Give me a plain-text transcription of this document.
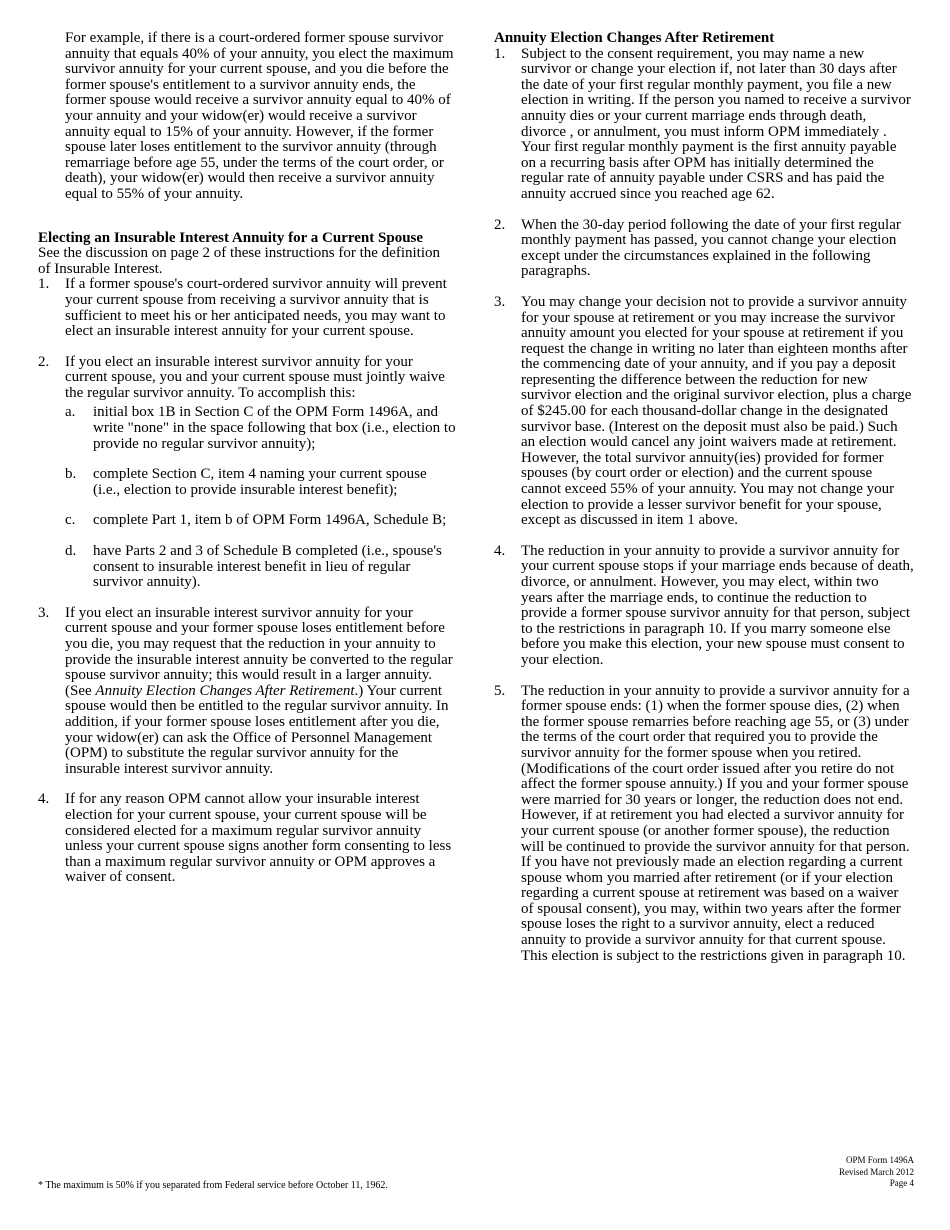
For example, if there is a court-ordered former spouse survivor annuity that equals 40% of your annuity, you elect the maximum survivor annuity for your current spouse, and you die before the former spouse's entitlement to a survivor annuity ends, the former spouse would receive a survivor annuity equal to 40% of your annuity and your widow(er) would receive a survivor annuity equal to 15% of your annuity. However, if the former spouse later loses entitlement to the survivor annuity (through remarriage before age 55, under the terms of the court order, or death), your widow(er) would then receive a survivor annuity equal to 55% of your annuity.

Electing an Insurable Interest Annuity for a Current Spouse

See the discussion on page 2 of these instructions for the definition of Insurable Interest.

1.	If a former spouse's court-ordered survivor annuity will prevent your current spouse from receiving a survivor annuity that is sufficient to meet his or her anticipated needs, you may want to elect an insurable interest annuity for your current spouse.
2.	If you elect an insurable interest survivor annuity for your current spouse, you and your current spouse must jointly waive the regular survivor annuity. To accomplish this:
a.	initial box 1B in Section C of the OPM Form 1496A, and write "none" in the space following that box (i.e., election to provide no regular survivor annuity);
b.	complete Section C, item 4 naming your current spouse (i.e., election to provide insurable interest benefit);
c.	complete Part 1, item b of OPM Form 1496A, Schedule B;
d.	have Parts 2 and 3 of Schedule B completed (i.e., spouse's consent to insurable interest benefit in lieu of regular survivor annuity).
3.	If you elect an insurable interest survivor annuity for your current spouse and your former spouse loses entitlement before you die, you may request that the reduction in your annuity to provide the insurable interest annuity be converted to the regular spouse survivor annuity; this would result in a larger annuity. (See Annuity Election Changes After Retirement.) Your current spouse would then be entitled to the regular survivor annuity. In addition, if your former spouse loses entitlement after you die, your widow(er) can ask the Office of Personnel Management (OPM) to substitute the regular survivor annuity for the insurable interest survivor annuity.
4.	If for any reason OPM cannot allow your insurable interest election for your current spouse, your current spouse will be considered elected for a maximum regular survivor annuity unless your current spouse signs another form consenting to less than a maximum regular survivor annuity or OPM approves a waiver of consent.

Annuity Election Changes After Retirement

1.	Subject to the consent requirement, you may name a new survivor or change your election if, not later than 30 days after the date of your first regular monthly payment, you file a new election in writing. If the person you named to receive a survivor annuity dies or your current marriage ends through death, divorce , or annulment, you must inform OPM immediately . Your first regular monthly payment is the first annuity payable on a recurring basis after OPM has initially determined the regular rate of annuity payable under CSRS and has paid the annuity accrued since you reached age 62.
2.	When the 30-day period following the date of your first regular monthly payment has passed, you cannot change your election except under the circumstances explained in the following paragraphs.
3.	You may change your decision not to provide a survivor annuity for your spouse at retirement or you may increase the survivor annuity amount you elected for your spouse at retirement if you request the change in writing no later than eighteen months after the commencing date of your annuity, and if you pay a deposit representing the difference between the reduction for new survivor election and the original survivor election, plus a charge of $245.00 for each thousand-dollar change in the designated survivor base. (Interest on the deposit must also be paid.) Such an election would cancel any joint waivers made at retirement. However, the total survivor annuity(ies) provided for former spouses (by court order or election) and the current spouse cannot exceed 55% of your annuity. You may not change your election to provide a lesser survivor benefit for your spouse, except as discussed in item 1 above.
4.	The reduction in your annuity to provide a survivor annuity for your current spouse stops if your marriage ends because of death, divorce, or annulment. However, you may elect, within two years after the marriage ends, to continue the reduction to provide a former spouse survivor annuity for that person, subject to the restrictions in paragraph 10. If you marry someone else before you make this election, your new spouse must consent to your election.
5.	The reduction in your annuity to provide a survivor annuity for a former spouse ends: (1) when the former spouse dies, (2) when the former spouse remarries before reaching age 55, or (3) under the terms of the court order that required you to provide the survivor annuity for the former spouse when you retired. (Modifications of the court order issued after you retire do not affect the former spouse annuity.) If you and your former spouse were married for 30 years or longer, the reduction does not end. However, if at retirement you had elected a survivor annuity for your current spouse (or another former spouse), the reduction will be continued to provide the survivor annuity for that person. If you have not previously made an election regarding a current spouse whom you married after retirement (or if your election regarding a current spouse at retirement was based on a waiver of spousal consent), you may, within two years after the former spouse loses the right to a survivor annuity, elect a reduced annuity to provide a survivor annuity for that current spouse. This election is subject to the restrictions given in paragraph 10.
* The maximum is 50% if you separated from Federal service before October 11, 1962.
OPM Form 1496A
Revised March 2012
Page 4
